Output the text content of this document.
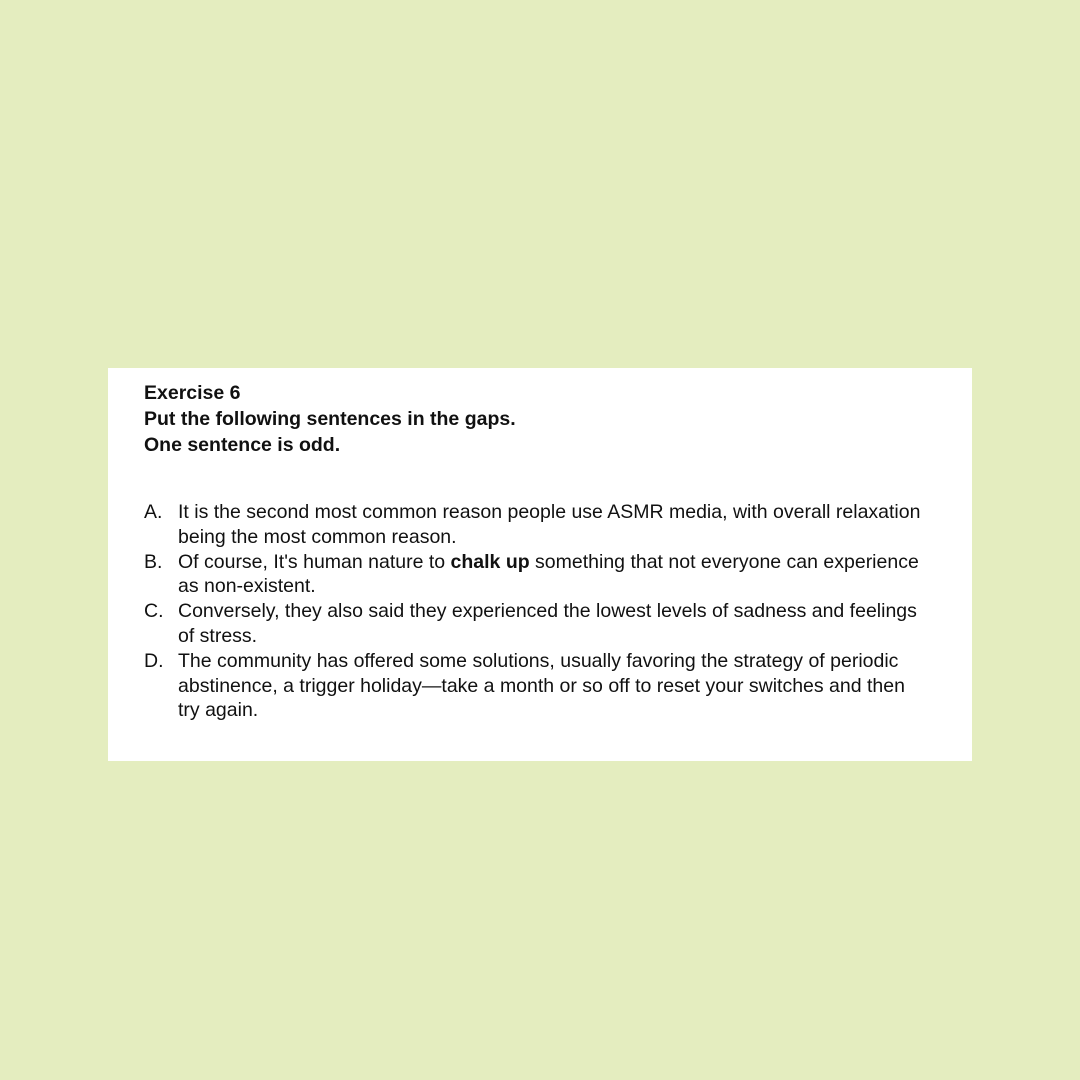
Exercise 6

Put the following sentences in the gaps.

One sentence is odd.

A. It is the second most common reason people use ASMR media, with overall relaxation being the most common reason.
B. Of course, It's human nature to chalk up something that not everyone can experience as non-existent.
C. Conversely, they also said they experienced the lowest levels of sadness and feelings of stress.
D. The community has offered some solutions, usually favoring the strategy of periodic abstinence, a trigger holiday—take a month or so off to reset your switches and then try again.
